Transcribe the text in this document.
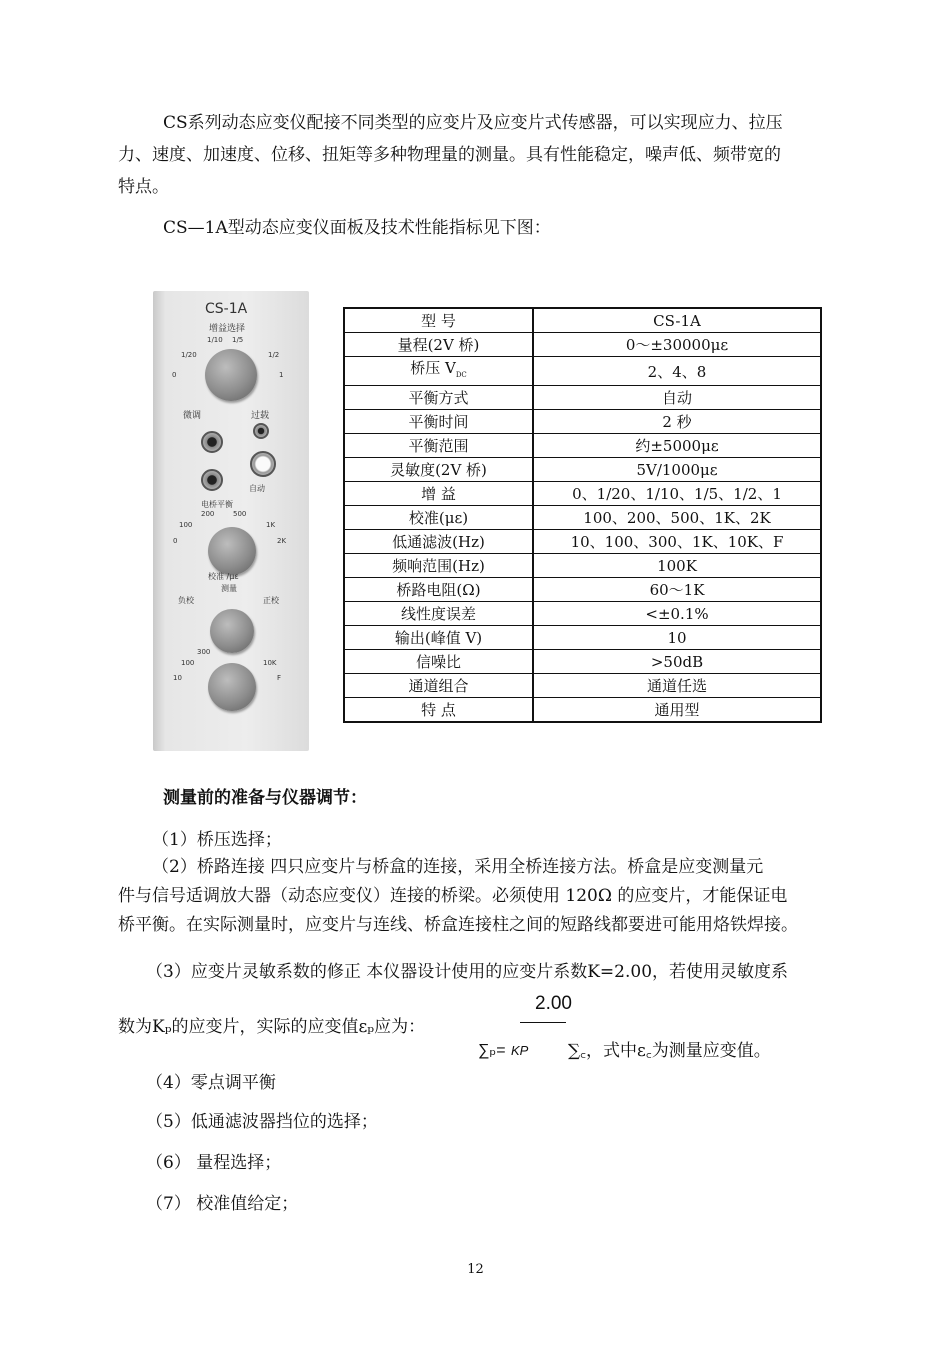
CS系列动态应变仪配接不同类型的应变片及应变片式传感器，可以实现应力、拉压
力、速度、加速度、位移、扭矩等多种物理量的测量。具有性能稳定，噪声低、频带宽的
特点。
CS—1A型动态应变仪面板及技术性能指标见下图：
CS-1A
增益选择
1/10 1/5
1/20	1/2
0	1
微调	过载
自动
电桥平衡
200	500
100	1K
0	2K
校准 /με
测量
负校	正校
300
100	10K
10	F
型 号	CS-1A
量程(2V 桥)	0～±30000με
桥压 $V_{DC}$	2、4、8
平衡方式	自动
平衡时间	2 秒
平衡范围	约±5000με
灵敏度(2V 桥)	5V/1000με
增 益	0、1/20、1/10、1/5、1/2、1
校准(με)	100、200、500、1K、2K
低通滤波(Hz)	10、100、300、1K、10K、F
频响范围(Hz)	100K
桥路电阻(Ω)	60～1K
线性度误差	<±0.1%
输出(峰值 V)	10
信噪比	>50dB
通道组合	通道任选
特 点	通用型
测量前的准备与仪器调节：
（1）桥压选择；
（2）桥路连接 四只应变片与桥盒的连接，采用全桥连接方法。桥盒是应变测量元
件与信号适调放大器（动态应变仪）连接的桥梁。必须使用 120Ω 的应变片，才能保证电
桥平衡。在实际测量时，应变片与连线、桥盒连接柱之间的短路线都要进可能用烙铁焊接。
（3）应变片灵敏系数的修正 本仪器设计使用的应变片系数K=2.00，若使用灵敏度系
2.00
数为Kₚ的应变片，实际的应变值εₚ应为：
∑ₚ= KP ∑꜀，式中ε꜀为测量应变值。
（4）零点调平衡
（5）低通滤波器挡位的选择；
（6） 量程选择；
（7） 校准值给定；
12
